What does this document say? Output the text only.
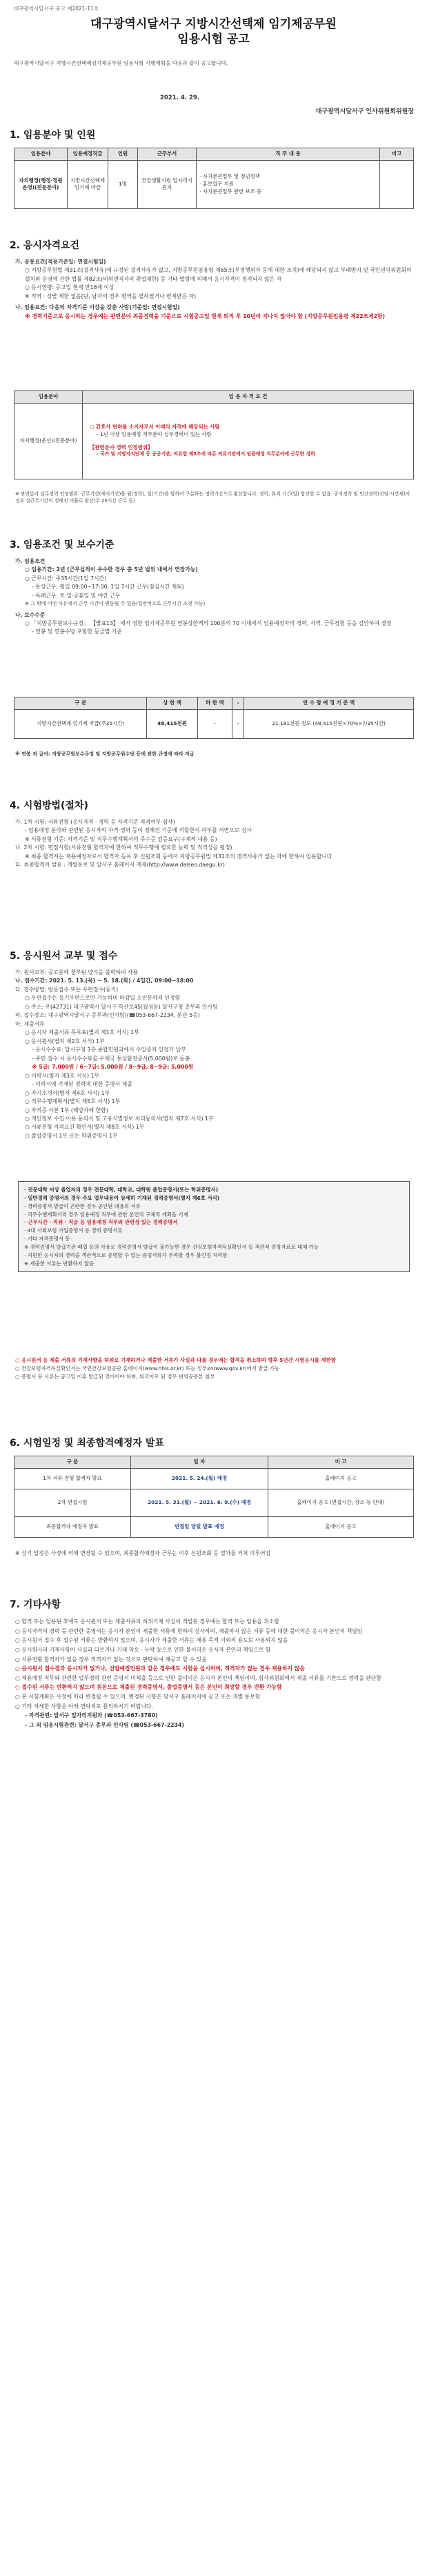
대구광역시달서구 공고 제2021-11호
대구광역시달서구 지방시간선택제 임기제공무원
임용시험 공고
대구광역시달서구 지방시간선택제임기제공무원 임용시험 시행계획을 다음과 같이 공고합니다.
2021. 4. 29.
대구광역시달서구 인사위원회위원장
1. 임용분야 및 인원
임용분야	임용예정직급	인원	근무부서	직 무 내 용	비고
자치행정(행정·정원운영)(전문분야)	지방시간선택제 임기제 마급	1명	건강생활지원 일자리지원과	· 자치분권업무 및 청년정책
· 홍보업무 지원
· 자치분권업무 관련 보조 등	

2. 응시자격요건
가. 공통요건(적용기준일: 면접시험일)
○ 지방공무원법 제31조(결격사유)에 규정된 결격사유가 없고, 지방공무원임용령 제65조(부정행위자 등에 대한 조치)에 해당되지 않고 부패방지 및 국민권익위원회의 설치와 운영에 관한 법률 제82조(비위면직자의 취업제한) 등 기타 법령에 의해서 응시자격이 정지되지 않은 자
○ 응시연령: 공고일 현재 만18세 이상
※ 직역 · 성별 제한 없음(단, 남자의 경우 병역을 필하였거나 면제받은 자)
나. 임용요건: 다음의 자격기준 이상을 갖춘 사람(기준일: 면접시험일)
※ 경력기준으로 응시하는 경우에는 관련분야 최종경력을 기준으로 시험공고일 현재 퇴직 후 10년이 지나지 않아야 함 (지방공무원임용령 제22조제2항)
임용분야	임 용 자 격 요 건
자치행정(운선)(전문분야)	○ 간호사 면허를 소지자로서 아래의 자격에 해당되는 사람
- 1년 이상 임용예정 직무분야 실무경력이 있는 사람
【관련분야 경력 인정범위】
- 국가 및 지방자치단체 등 공공기관, 의료법 제3조에 따른 의료기관에서 임용예정 직무분야에 근무한 경력
※ 관련분야 실무경력 인정범위: 근무기간(재직기간)을 월(경력), 일(기간)을 합하여 구분하는 경력기간으로 환산합니다. 경력, 휴직 기간(일) 합산할 수 없음. 공직경력 및 민간경력(전임·시간제)의 경우 실근무기간의 정해진 비율로 환산(주 20시간 근무 등)
3. 임용조건 및 보수기준
가. 임용조건
○ 임용기간: 2년 (근무실적이 우수한 경우 총 5년 범위 내에서 연장가능)
○ 근무시간: 주35시간(1일 7시간)
- 통상근무: 평일 09:00~17:00, 1일 7시간 근무(점심시간 제외)
- 특례근무: 토·일·공휴일 및 야간 근무
※ 그 밖에 어떤 사유에서 근무 시간이 변동될 수 있음(일반적으로 근무시간 조정 가능)
나. 보수수준
○ 「지방공무원보수규정」 【별표13】 에서 정한 임기제공무원 연봉상한액의 100분의 70 이내에서 임용예정자의 경력, 자격, 근무경험 등을 감안하여 결정
- 연봉 및 연봉수당 포함한 등급별 기준
구 분	상 한 액	하 한 액	-	연 수 령 예 정 기 준 액
지방시간선택제 임기제 마급(주35시간)	48,415천원	-	-	21,181천원 정도 (48,415천원×70%×7/35시간)
※ 연봉 외 급여: 지방공무원보수규정 및 지방공무원수당 등에 관한 규정에 따라 지급
4. 시험방법(절차)
가. 1차 시험: 서류전형 (응시자격 · 경력 등 자격기준 적격여부 심사)
- 임용예정 분야와 관련된 응시자의 자격·경력 등이 정해진 기준에 적합한지 여부를 서면으로 심사
※ 서류전형 기준: 자격기준 및 직무수행계획서의 주수준 검증요구(구체적 내용 등)
나. 2차 시험: 면접시험(서류전형 합격자에 한하여 직무수행에 필요한 능력 및 적격성을 평정)
※ 최종 합격자는 채용예정자로서 합격자 등록 후 신원조회 등에서 지방공무원법 제31조의 결격사유가 없는 자에 한하여 임용합니다
다. 최종합격자 발표 : 개별통보 및 달서구 홈페이지 게재(http://www.dalseo.daegu.kr)
5. 응시원서 교부 및 접수
가. 원서교부: 공고문에 첨부된 양식을 출력하여 사용
나. 접수기간: 2021. 5. 13.(목) ~ 5. 18.(화) / 4일간, 09:00~18:00
다. 접수방법: 방문접수 또는 우편접수(등기)
○ 우편접수는 등기우편으로만 가능하며 마감일 소인분까지 인정함
○ 주소: 우(42731) 대구광역시 달서구 학산로45(월성동) 달서구청 총무과 인사팀
라. 접수장소: 대구광역시달서구 총무과(인사팀)(☎053-667-2234, 본관 5층)
마. 제출서류
○ 응시자 제출서류 목록표(별지 제1호 서식) 1부
○ 응시원서(별지 제2호 서식) 1부
- 응시수수료: 달서구청 1층 종합민원과에서 수입증지 인정가 납부
- 주민 접수 시 응시수수료를 우체국 통상환전증서(5,000원)로 동봉
※ 5급: 7,000원 / 6~7급: 5,000원 / 8~9급, 8~9급: 5,000원
○ 이력서(별지 제3호 서식) 1부
- 이력서에 기재된 경력에 대한 증명서 제출
○ 자기소개서(별지 제4호 서식) 1부
○ 직무수행계획서(별지 제5호 서식) 1부
○ 자격증 사본 1부 (해당자에 한함)
○ 개인정보 수집·이용 동의서 및 고유식별정보 처리동의서(별지 제7호 서식) 1부
○ 서류전형 자격요건 확인서(별지 제8호 서식) 1부
○ 졸업증명서 1부 또는 학위증명서 1부
· 전문대학 이상 졸업자의 경우 전문대학, 대학교, 대학원 졸업증명서(또는 학위증명서)
· 일반경력 증명서의 경우 주요 업무내용이 상세히 기재된 경력증명서(별지 제6호 서식)
· 경력증명서 발급이 곤란한 경우 공인된 내용의 서류
· 직무수행계획서의 경우 임용예정 직무에 관한 본인의 구체적 계획을 기재
· 근무시간 · 직위 · 직급 등 임용예정 직무와 관련성 있는 경력증명서
· 4대 사회보험 가입증명서 등 경력 증명서류
· 기타 자격증명서 등
※ 경력증명서 발급기관 폐업 등의 사유로 경력증명서 발급이 불가능한 경우 건강보험자격득실확인서 등 객관적 증빙자료로 대체 가능
· 지원한 응시자의 경력을 객관적으로 증명할 수 있는 증빙서류가 부족할 경우 불인정 처리함
※ 제출한 서류는 반환하지 않음
○ 응시원서 등 제출 서류의 기재사항을 허위로 기재하거나 제출한 서류가 사실과 다를 경우에는 합격을 취소하며 향후 5년간 시험응시를 제한함
○ 건강보험자격득실확인서는 국민건강보험공단 홈페이지(www.nhis.or.kr) 또는 정부24(www.gov.kr)에서 발급 가능
○ 증명서 등 서류는 공고일 이후 발급된 것이어야 하며, 외국어로 된 경우 번역공증본 첨부
6. 시험일정 및 최종합격예정자 발표
구 분	일 자	비 고
1차 서류 전형 합격자 발표	2021. 5. 24.(월) 예정	홈페이지 공고
2차 면접시험	2021. 5. 31.(월) ~ 2021. 6. 9.(수) 예정	홈페이지 공고 (면접시간, 장소 등 안내)
최종합격자 예정자 발표	면접일 당일 발표 예정	홈페이지 공고
※ 상기 일정은 사정에 의해 변경될 수 있으며, 최종합격예정자 근무는 이후 신원조회 등 절차를 거쳐 이루어짐
7. 기타사항
○ 합격 또는 임용된 후에도 응시원서 또는 제출서류의 허위기재 사실이 적발된 경우에는 합격 또는 임용을 취소함
○ 응시자격의 경력 등 관련한 증명서는 응시자 본인이 제출한 서류에 한하여 심사하며, 제출하지 않은 서류 등에 대한 불이익은 응시자 본인의 책임임
○ 응시원서 접수 후 접수된 서류는 반환하지 않으며, 응시자가 제출한 서류는 채용 목적 이외의 용도로 사용되지 않음
○ 응시원서의 기재사항이 사실과 다르거나 기재 착오 · 누락 등으로 인한 불이익은 응시자 본인의 책임으로 함
○ 서류전형 합격자가 없을 경우 적격자가 없는 것으로 판단하여 재공고 할 수 있음
○ 응시원서 접수결과 응시자가 없거나, 선발예정인원과 같은 경우에도 시험을 실시하며, 적격자가 없는 경우 채용하지 않음
○ 채용예정 직무와 관련한 업무경력 관련 증명서 미제출 등으로 인한 불이익은 응시자 본인의 책임이며, 심사위원회에서 제출 서류를 기반으로 경력을 판단함
○ 접수된 서류는 반환하지 않으며 원본으로 제출된 경력증명서, 졸업증명서 등은 본인이 희망할 경우 반환 가능함
○ 본 시험계획은 사정에 따라 변경될 수 있으며, 변경된 사항은 당서구 홈페이지에 공고 또는 개별 통보함
○ 기타 자세한 사항은 아래 연락처로 문의하시기 바랍니다.
- 자격관련: 달서구 일자리지원과 (☎053-667-3780)
- 그 외 임용시험관련: 달서구 총무과 인사팀 (☎053-667-2234)
